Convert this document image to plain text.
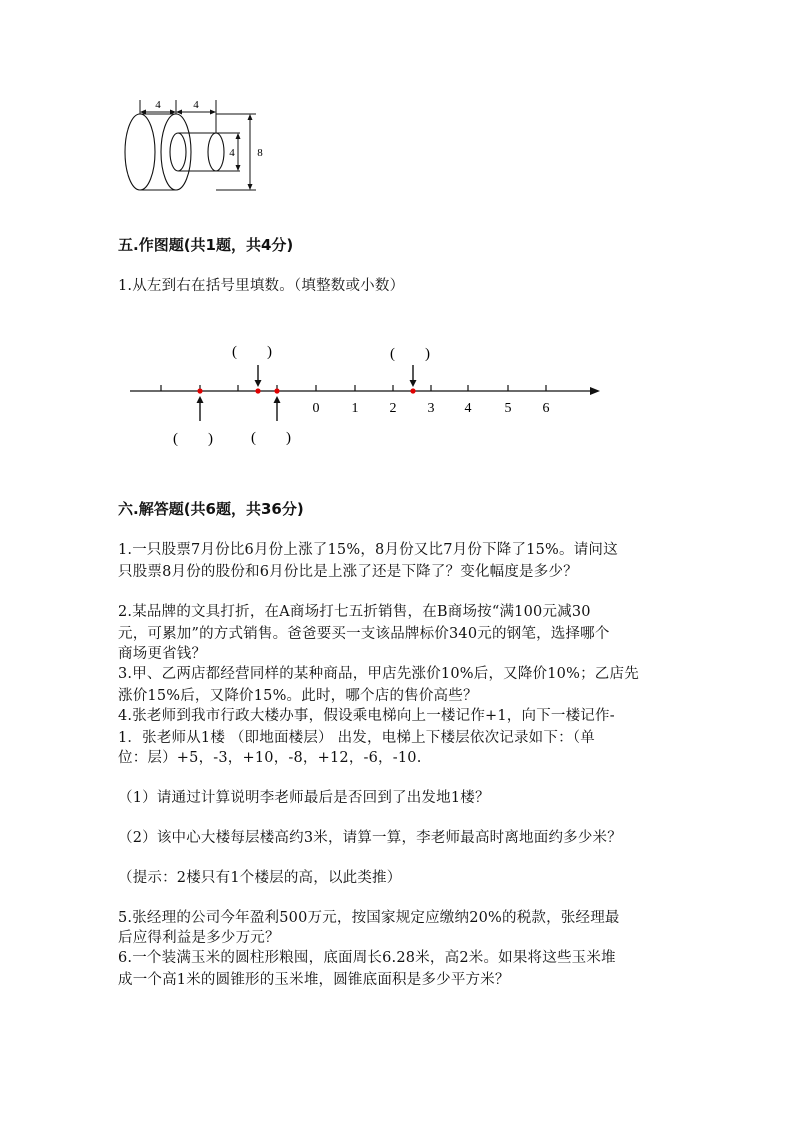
4	4
4 8
五.作图题(共1题，共4分)
1.从左到右在括号里填数。（填整数或小数）
0 1 2 3 4 5 6
(　　)	(　　)
(　　)	(　　)
六.解答题(共6题，共36分)
1.一只股票7月份比6月份上涨了15%，8月份又比7月份下降了15%。请问这
只股票8月份的股份和6月份比是上涨了还是下降了？变化幅度是多少？
2.某品牌的文具打折，在A商场打七五折销售，在B商场按“满100元减30
元，可累加”的方式销售。爸爸要买一支该品牌标价340元的钢笔，选择哪个
商场更省钱？
3.甲、乙两店都经营同样的某种商品，甲店先涨价10%后，又降价10%；乙店先
涨价15%后，又降价15%。此时，哪个店的售价高些？
4.张老师到我市行政大楼办事，假设乘电梯向上一楼记作+1，向下一楼记作-
1．张老师从1楼 （即地面楼层） 出发，电梯上下楼层依次记录如下：（单
位：层）+5，-3，+10，-8，+12，-6，-10.
（1）请通过计算说明李老师最后是否回到了出发地1楼？
（2）该中心大楼每层楼高约3米，请算一算，李老师最高时离地面约多少米？
（提示：2楼只有1个楼层的高，以此类推）
5.张经理的公司今年盈利500万元，按国家规定应缴纳20%的税款，张经理最
后应得利益是多少万元？
6.一个装满玉米的圆柱形粮囤，底面周长6.28米，高2米。如果将这些玉米堆
成一个高1米的圆锥形的玉米堆，圆锥底面积是多少平方米？
